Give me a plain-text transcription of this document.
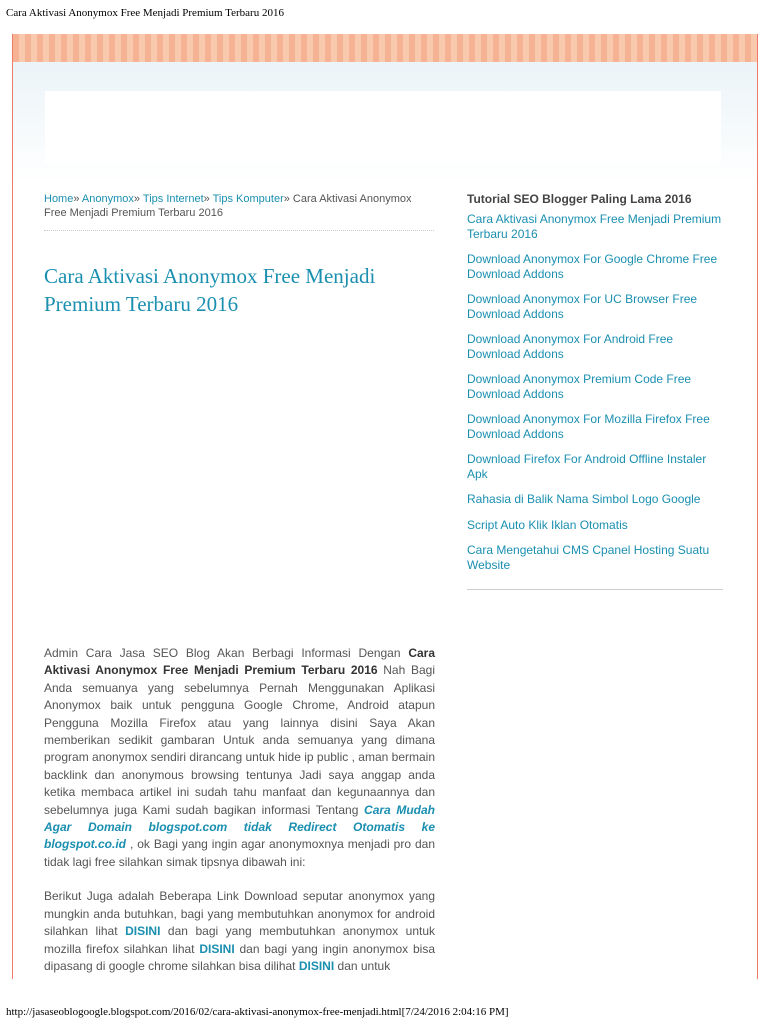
Cara Aktivasi Anonymox Free Menjadi Premium Terbaru 2016
Home» Anonymox» Tips Internet» Tips Komputer» Cara Aktivasi Anonymox Free Menjadi Premium Terbaru 2016
Cara Aktivasi Anonymox Free Menjadi Premium Terbaru 2016

Admin Cara Jasa SEO Blog Akan Berbagi Informasi Dengan Cara Aktivasi Anonymox Free Menjadi Premium Terbaru 2016 Nah Bagi Anda semuanya yang sebelumnya Pernah Menggunakan Aplikasi Anonymox baik untuk pengguna Google Chrome, Android atapun Pengguna Mozilla Firefox atau yang lainnya disini Saya Akan memberikan sedikit gambaran Untuk anda semuanya yang dimana program anonymox sendiri dirancang untuk hide ip public , aman bermain backlink dan anonymous browsing tentunya Jadi saya anggap anda ketika membaca artikel ini sudah tahu manfaat dan kegunaannya dan sebelumnya juga Kami sudah bagikan informasi Tentang Cara Mudah Agar Domain blogspot.com tidak Redirect Otomatis ke blogspot.co.id , ok Bagi yang ingin agar anonymoxnya menjadi pro dan tidak lagi free silahkan simak tipsnya dibawah ini:

Berikut Juga adalah Beberapa Link Download seputar anonymox yang mungkin anda butuhkan, bagi yang membutuhkan anonymox for android silahkan lihat DISINI dan bagi yang membutuhkan anonymox untuk mozilla firefox silahkan lihat DISINI dan bagi yang ingin anonymox bisa dipasang di google chrome silahkan bisa dilihat DISINI dan untuk

Tutorial SEO Blogger Paling Lama 2016
Cara Aktivasi Anonymox Free Menjadi Premium Terbaru 2016
Download Anonymox For Google Chrome Free Download Addons
Download Anonymox For UC Browser Free Download Addons
Download Anonymox For Android Free Download Addons
Download Anonymox Premium Code Free Download Addons
Download Anonymox For Mozilla Firefox Free Download Addons
Download Firefox For Android Offline Instaler Apk
Rahasia di Balik Nama Simbol Logo Google
Script Auto Klik Iklan Otomatis
Cara Mengetahui CMS Cpanel Hosting Suatu Website
http://jasaseoblogoogle.blogspot.com/2016/02/cara-aktivasi-anonymox-free-menjadi.html[7/24/2016 2:04:16 PM]
